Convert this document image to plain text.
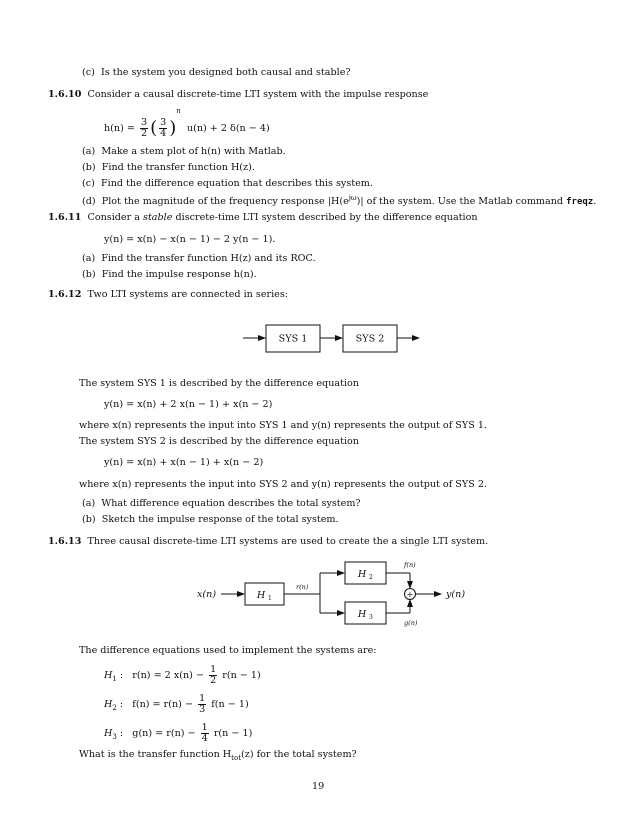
(c) Is the system you designed both causal and stable?
1.6.10 Consider a causal discrete-time LTI system with the impulse response
$h(n) = \frac{3}{2}$ ( $\frac{3}{4} )^n$  u(n) + 2 δ(n − 4)
(a) Make a stem plot of h(n) with Matlab.
(b) Find the transfer function H(z).
(c) Find the difference equation that describes this system.
(d) Plot the magnitude of the frequency response $|H(e^{j\omega})|$ of the system. Use the Matlab command freqz.
1.6.11 Consider a stable discrete-time LTI system described by the difference equation
y(n) = x(n) − x(n − 1) − 2 y(n − 1).
(a) Find the transfer function H(z) and its ROC.
(b) Find the impulse response h(n).
1.6.12 Two LTI systems are connected in series:
SYS 1	SYS 2
The system SYS 1 is described by the difference equation
y(n) = x(n) + 2 x(n − 1) + x(n − 2)
where x(n) represents the input into SYS 1 and y(n) represents the output of SYS 1.
The system SYS 2 is described by the difference equation
y(n) = x(n) + x(n − 1) + x(n − 2)
where x(n) represents the input into SYS 2 and y(n) represents the output of SYS 2.
(a) What difference equation describes the total system?
(b) Sketch the impulse response of the total system.
1.6.13 Three causal discrete-time LTI systems are used to create the a single LTI system.
x(n)	H 1
r(n)
H 2
H 3
f(n)
g(n)
+	y(n)
The difference equations used to implement the systems are:
$H_1$ : r(n) = 2 $x(n) - \frac{1}{2} r(n - 1)$
$H_2$ : $f(n) = r(n) - \frac{1}{3} f(n - 1)$
$H_3$ : $g(n) = r(n) - \frac{1}{4} r(n - 1)$
What is the transfer function $H_{tot}(z)$ for the total system?
19
